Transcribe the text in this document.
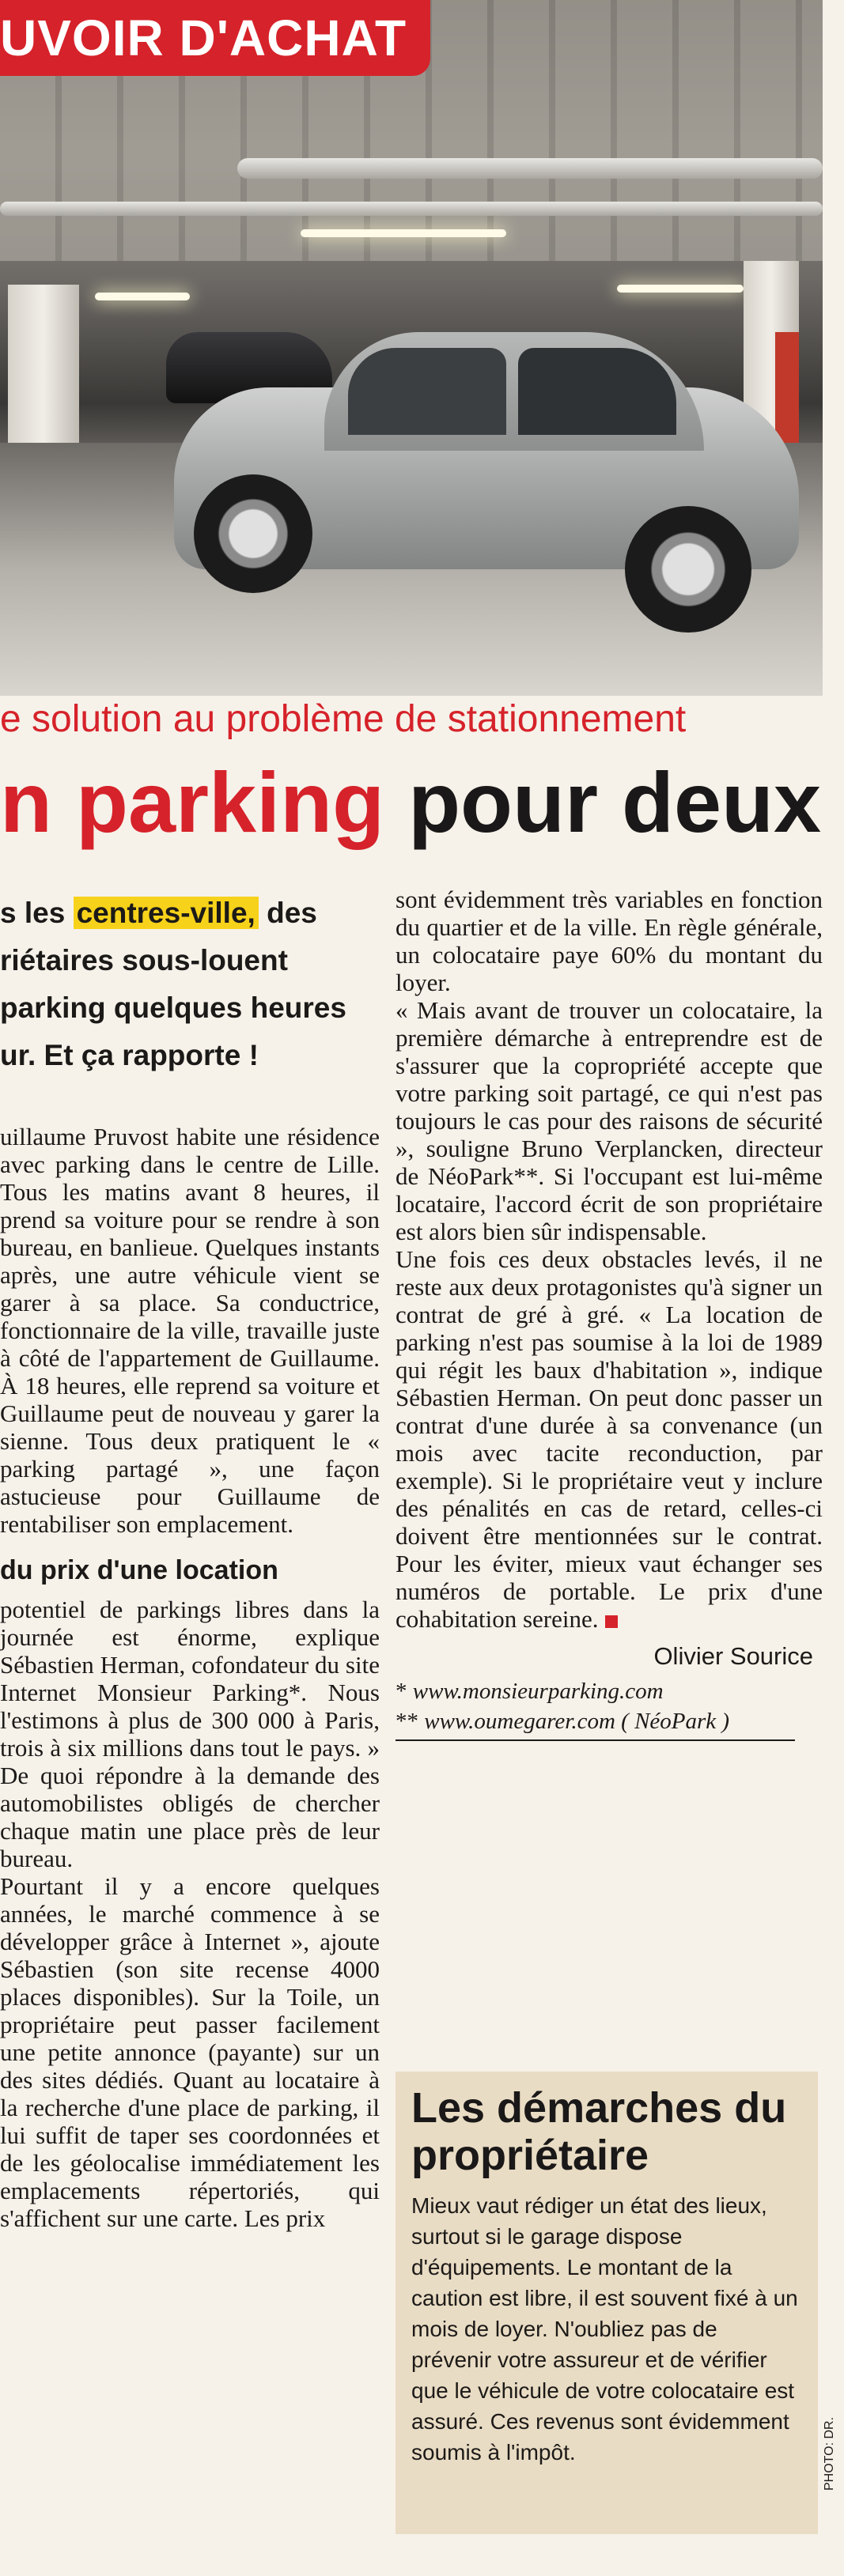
UVOIR D'ACHAT
e solution au problème de stationnement
n parking pour deux

s les centres-ville, des

riétaires sous-louent

parking quelques heures

ur. Et ça rapporte !

uillaume Pruvost habite une résidence avec parking dans le centre de Lille. Tous les matins avant 8 heures, il prend sa voiture pour se rendre à son bureau, en banlieue. Quelques instants après, une autre véhicule vient se garer à sa place. Sa conductrice, fonctionnaire de la ville, travaille juste à côté de l'appartement de Guillaume. À 18 heures, elle reprend sa voiture et Guillaume peut de nouveau y garer la sienne. Tous deux pratiquent le « parking partagé », une façon astucieuse pour Guillaume de rentabiliser son emplacement.

du prix d'une location

potentiel de parkings libres dans la journée est énorme, explique Sébastien Herman, cofondateur du site Internet Monsieur Parking*. Nous l'estimons à plus de 300 000 à Paris, trois à six millions dans tout le pays. » De quoi répondre à la demande des automobilistes obligés de chercher chaque matin une place près de leur bureau.

Pourtant il y a encore quelques années, le marché commence à se développer grâce à Internet », ajoute Sébastien (son site recense 4000 places disponibles). Sur la Toile, un propriétaire peut passer facilement une petite annonce (payante) sur un des sites dédiés. Quant au locataire à la recherche d'une place de parking, il lui suffit de taper ses coordonnées et de les géolocalise immédiatement les emplacements répertoriés, qui s'affichent sur une carte. Les prix

sont évidemment très variables en fonction du quartier et de la ville. En règle générale, un colocataire paye 60% du montant du loyer.

« Mais avant de trouver un colocataire, la première démarche à entreprendre est de s'assurer que la copropriété accepte que votre parking soit partagé, ce qui n'est pas toujours le cas pour des raisons de sécurité », souligne Bruno Verplancken, directeur de NéoPark**. Si l'occupant est lui-même locataire, l'accord écrit de son propriétaire est alors bien sûr indispensable.

Une fois ces deux obstacles levés, il ne reste aux deux protagonistes qu'à signer un contrat de gré à gré. « La location de parking n'est pas soumise à la loi de 1989 qui régit les baux d'habitation », indique Sébastien Herman. On peut donc passer un contrat d'une durée à sa convenance (un mois avec tacite reconduction, par exemple). Si le propriétaire veut y inclure des pénalités en cas de retard, celles-ci doivent être mentionnées sur le contrat. Pour les éviter, mieux vaut échanger ses numéros de portable. Le prix d'une cohabitation sereine.

Olivier Sourice
* www.monsieurparking.com
** www.oumegarer.com ( NéoPark )
Les démarches du propriétaire
Mieux vaut rédiger un état des lieux, surtout si le garage dispose d'équipements. Le montant de la caution est libre, il est souvent fixé à un mois de loyer. N'oubliez pas de prévenir votre assureur et de vérifier que le véhicule de votre colocataire est assuré. Ces revenus sont évidemment soumis à l'impôt.	PHOTO: DR.
